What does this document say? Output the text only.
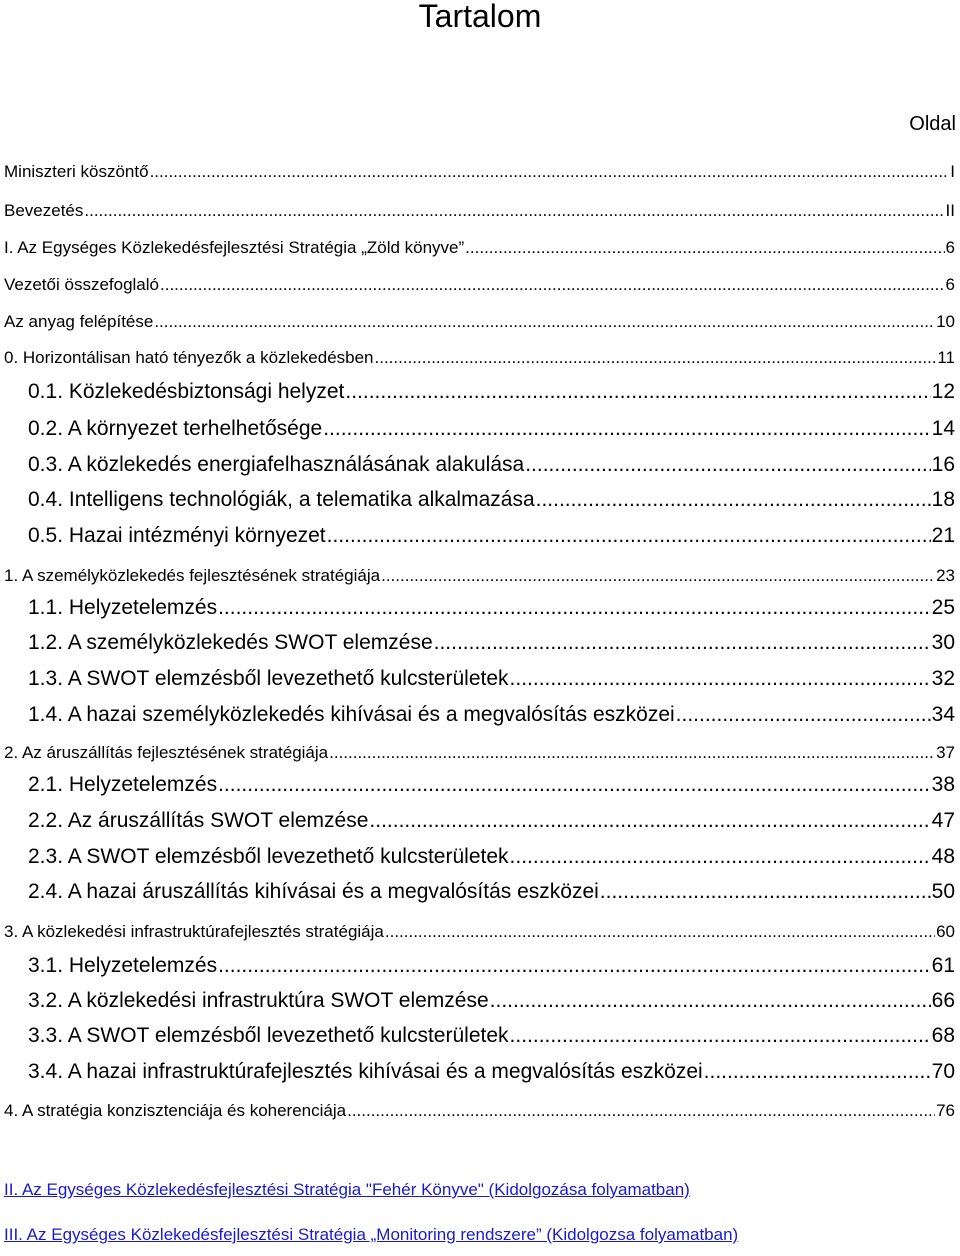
Tartalom
Oldal
Miniszteri köszöntő .....	I
Bevezetés .....	II
I. Az Egységes Közlekedésfejlesztési Stratégia „Zöld könyve” .....	6
Vezetői összefoglaló .....	6
Az anyag felépítése .....	10
0. Horizontálisan ható tényezők a közlekedésben .....	11
0.1. Közlekedésbiztonsági helyzet .....	12
0.2. A környezet terhelhetősége .....	14
0.3. A közlekedés energiafelhasználásának alakulása .....	16
0.4. Intelligens technológiák, a telematika alkalmazása .....	18
0.5. Hazai intézményi környezet .....	21
1. A személyközlekedés fejlesztésének stratégiája .....	23
1.1. Helyzetelemzés .....	25
1.2. A személyközlekedés SWOT elemzése .....	30
1.3. A SWOT elemzésből levezethető kulcsterületek .....	32
1.4. A hazai személyközlekedés kihívásai és a megvalósítás eszközei .....	34
2. Az áruszállítás fejlesztésének stratégiája .....	37
2.1. Helyzetelemzés .....	38
2.2. Az áruszállítás SWOT elemzése .....	47
2.3. A SWOT elemzésből levezethető kulcsterületek .....	48
2.4. A hazai áruszállítás kihívásai és a megvalósítás eszközei .....	50
3. A közlekedési infrastruktúrafejlesztés stratégiája .....	60
3.1. Helyzetelemzés .....	61
3.2. A közlekedési infrastruktúra SWOT elemzése .....	66
3.3. A SWOT elemzésből levezethető kulcsterületek .....	68
3.4. A hazai infrastruktúrafejlesztés kihívásai és a megvalósítás eszközei .....	70
4. A stratégia konzisztenciája és koherenciája .....	76
II. Az Egységes Közlekedésfejlesztési Stratégia "Fehér Könyve" (Kidolgozása folyamatban)
III. Az Egységes Közlekedésfejlesztési Stratégia „Monitoring rendszere” (Kidolgozsa folyamatban)
